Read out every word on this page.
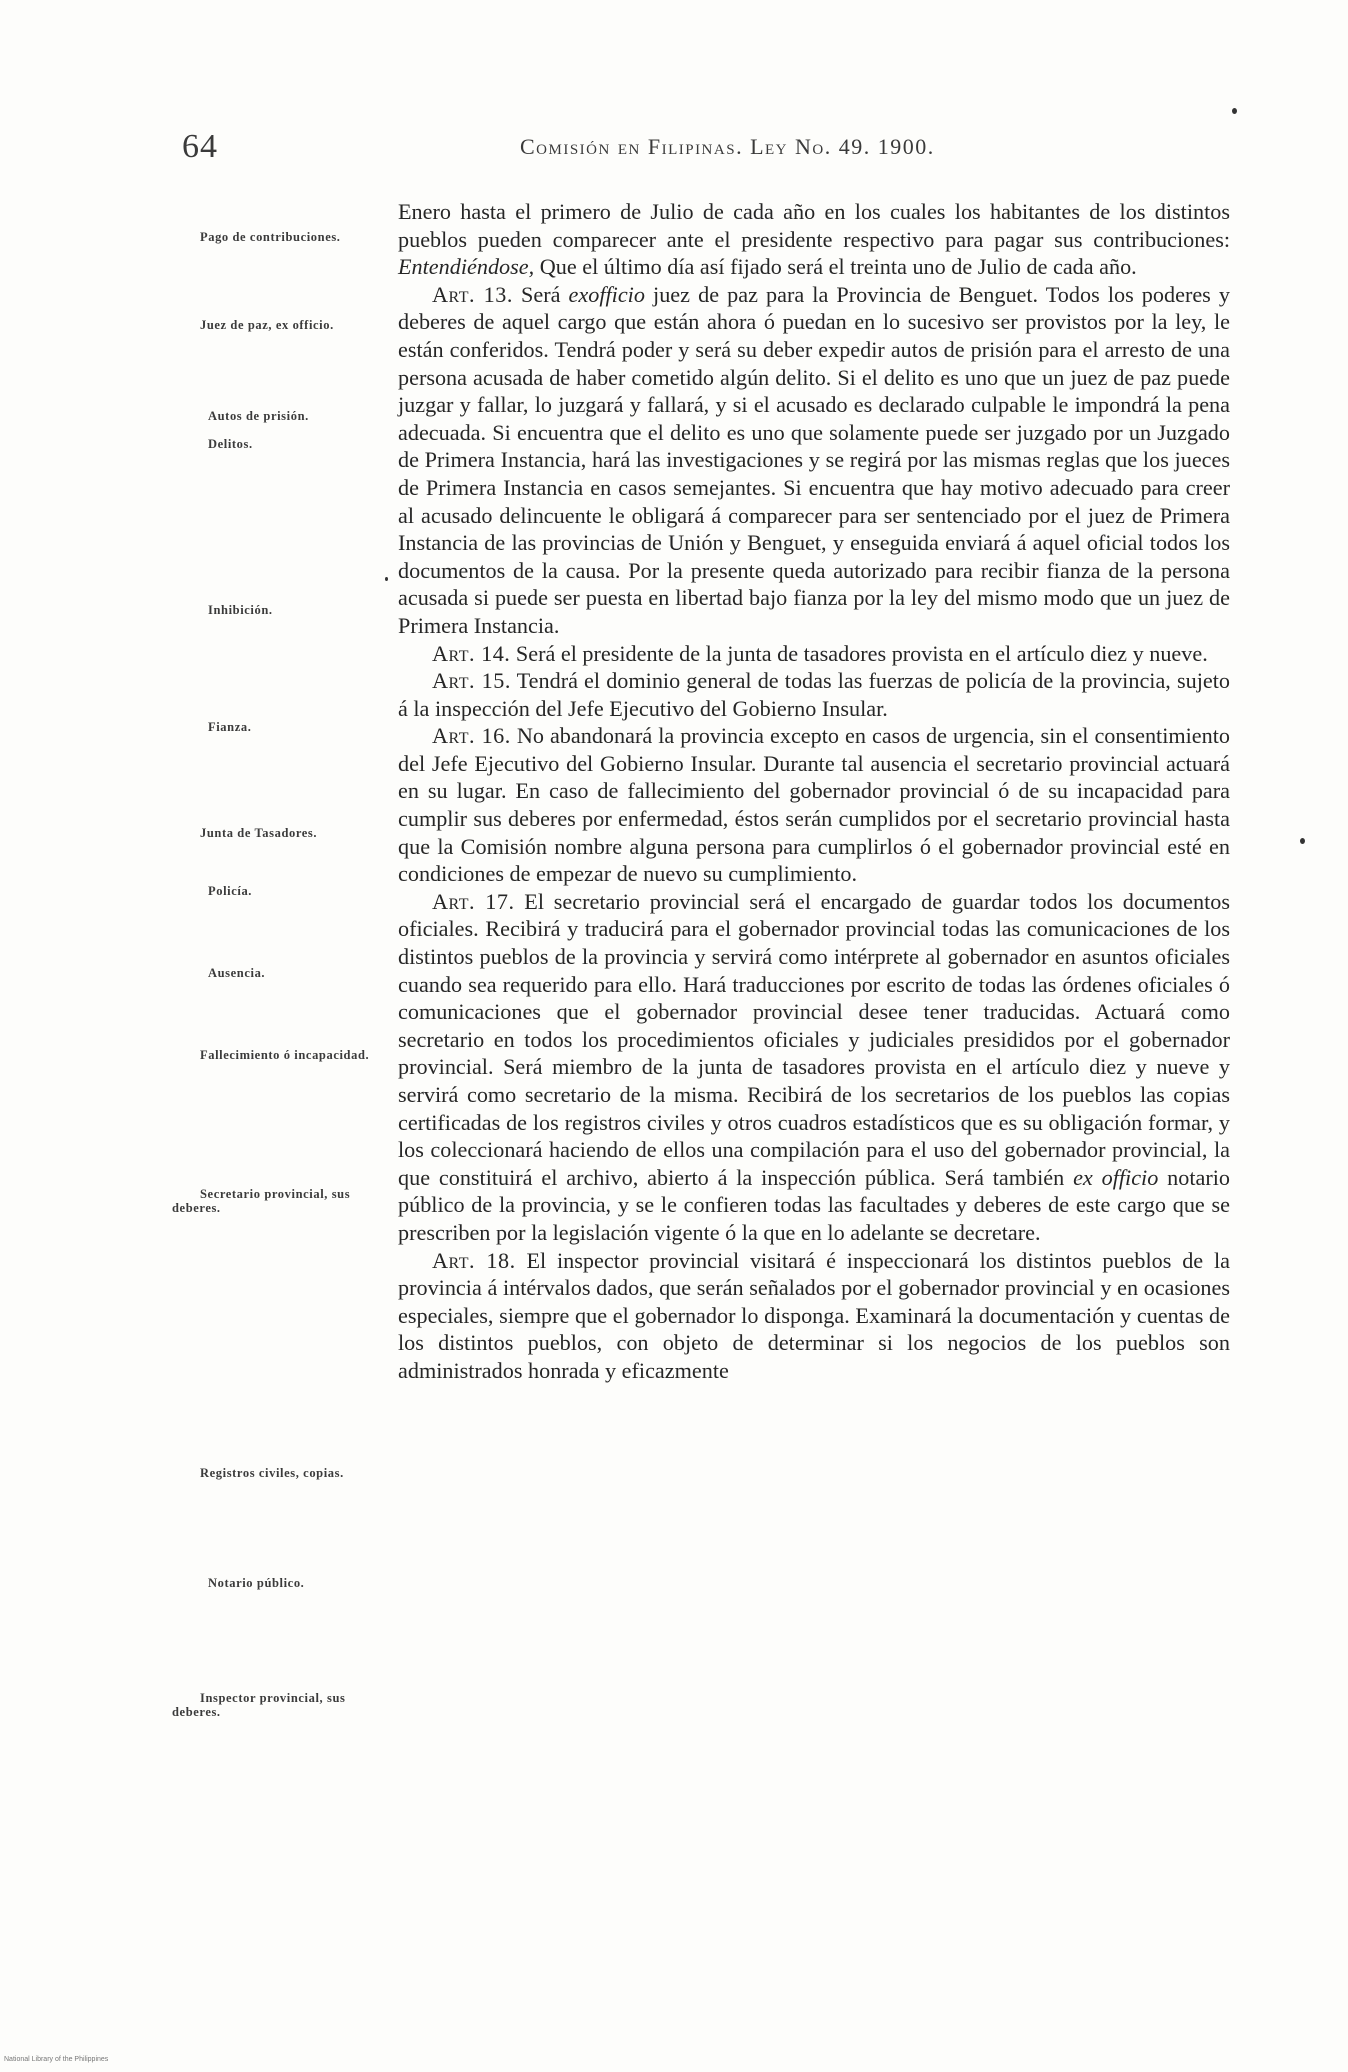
64	Comisión en Filipinas. Ley No. 49. 1900.
Pago de contribuciones.
Juez de paz, ex officio.
Autos de prisión.
Delitos.
Inhibición.
Fianza.
Junta de Tasadores.
Policía.
Ausencia.
Fallecimiento ó incapacidad.
Secretario provincial, sus deberes.
Registros civiles, copias.
Notario público.
Inspector provincial, sus deberes.

Enero hasta el primero de Julio de cada año en los cuales los habitantes de los distintos pueblos pueden comparecer ante el presidente respectivo para pagar sus contribuciones: Entendiéndose, Que el último día así fijado será el treinta uno de Julio de cada año.

Art. 13. Será exofficio juez de paz para la Provincia de Benguet. Todos los poderes y deberes de aquel cargo que están ahora ó puedan en lo sucesivo ser provistos por la ley, le están conferidos. Tendrá poder y será su deber expedir autos de prisión para el arresto de una persona acusada de haber cometido algún delito. Si el delito es uno que un juez de paz puede juzgar y fallar, lo juzgará y fallará, y si el acusado es declarado culpable le impondrá la pena adecuada. Si encuentra que el delito es uno que solamente puede ser juzgado por un Juzgado de Primera Instancia, hará las investigaciones y se regirá por las mismas reglas que los jueces de Primera Instancia en casos semejantes. Si encuentra que hay motivo adecuado para creer al acusado delincuente le obligará á comparecer para ser sentenciado por el juez de Primera Instancia de las provincias de Unión y Benguet, y enseguida enviará á aquel oficial todos los documentos de la causa. Por la presente queda autorizado para recibir fianza de la persona acusada si puede ser puesta en libertad bajo fianza por la ley del mismo modo que un juez de Primera Instancia.

Art. 14. Será el presidente de la junta de tasadores provista en el artículo diez y nueve.

Art. 15. Tendrá el dominio general de todas las fuerzas de policía de la provincia, sujeto á la inspección del Jefe Ejecutivo del Gobierno Insular.

Art. 16. No abandonará la provincia excepto en casos de urgencia, sin el consentimiento del Jefe Ejecutivo del Gobierno Insular. Durante tal ausencia el secretario provincial actuará en su lugar. En caso de fallecimiento del gobernador provincial ó de su incapacidad para cumplir sus deberes por enfermedad, éstos serán cumplidos por el secretario provincial hasta que la Comisión nombre alguna persona para cumplirlos ó el gobernador provincial esté en condiciones de empezar de nuevo su cumplimiento.

Art. 17. El secretario provincial será el encargado de guardar todos los documentos oficiales. Recibirá y traducirá para el gobernador provincial todas las comunicaciones de los distintos pueblos de la provincia y servirá como intérprete al gobernador en asuntos oficiales cuando sea requerido para ello. Hará traducciones por escrito de todas las órdenes oficiales ó comunicaciones que el gobernador provincial desee tener traducidas. Actuará como secretario en todos los procedimientos oficiales y judiciales presididos por el gobernador provincial. Será miembro de la junta de tasadores provista en el artículo diez y nueve y servirá como secretario de la misma. Recibirá de los secretarios de los pueblos las copias certificadas de los registros civiles y otros cuadros estadísticos que es su obligación formar, y los coleccionará haciendo de ellos una compilación para el uso del gobernador provincial, la que constituirá el archivo, abierto á la inspección pública. Será también ex officio notario público de la provincia, y se le confieren todas las facultades y deberes de este cargo que se prescriben por la legislación vigente ó la que en lo adelante se decretare.

Art. 18. El inspector provincial visitará é inspeccionará los distintos pueblos de la provincia á intérvalos dados, que serán señalados por el gobernador provincial y en ocasiones especiales, siempre que el gobernador lo disponga. Examinará la documentación y cuentas de los distintos pueblos, con objeto de determinar si los negocios de los pueblos son administrados honrada y eficazmente

National Library of the Philippines
